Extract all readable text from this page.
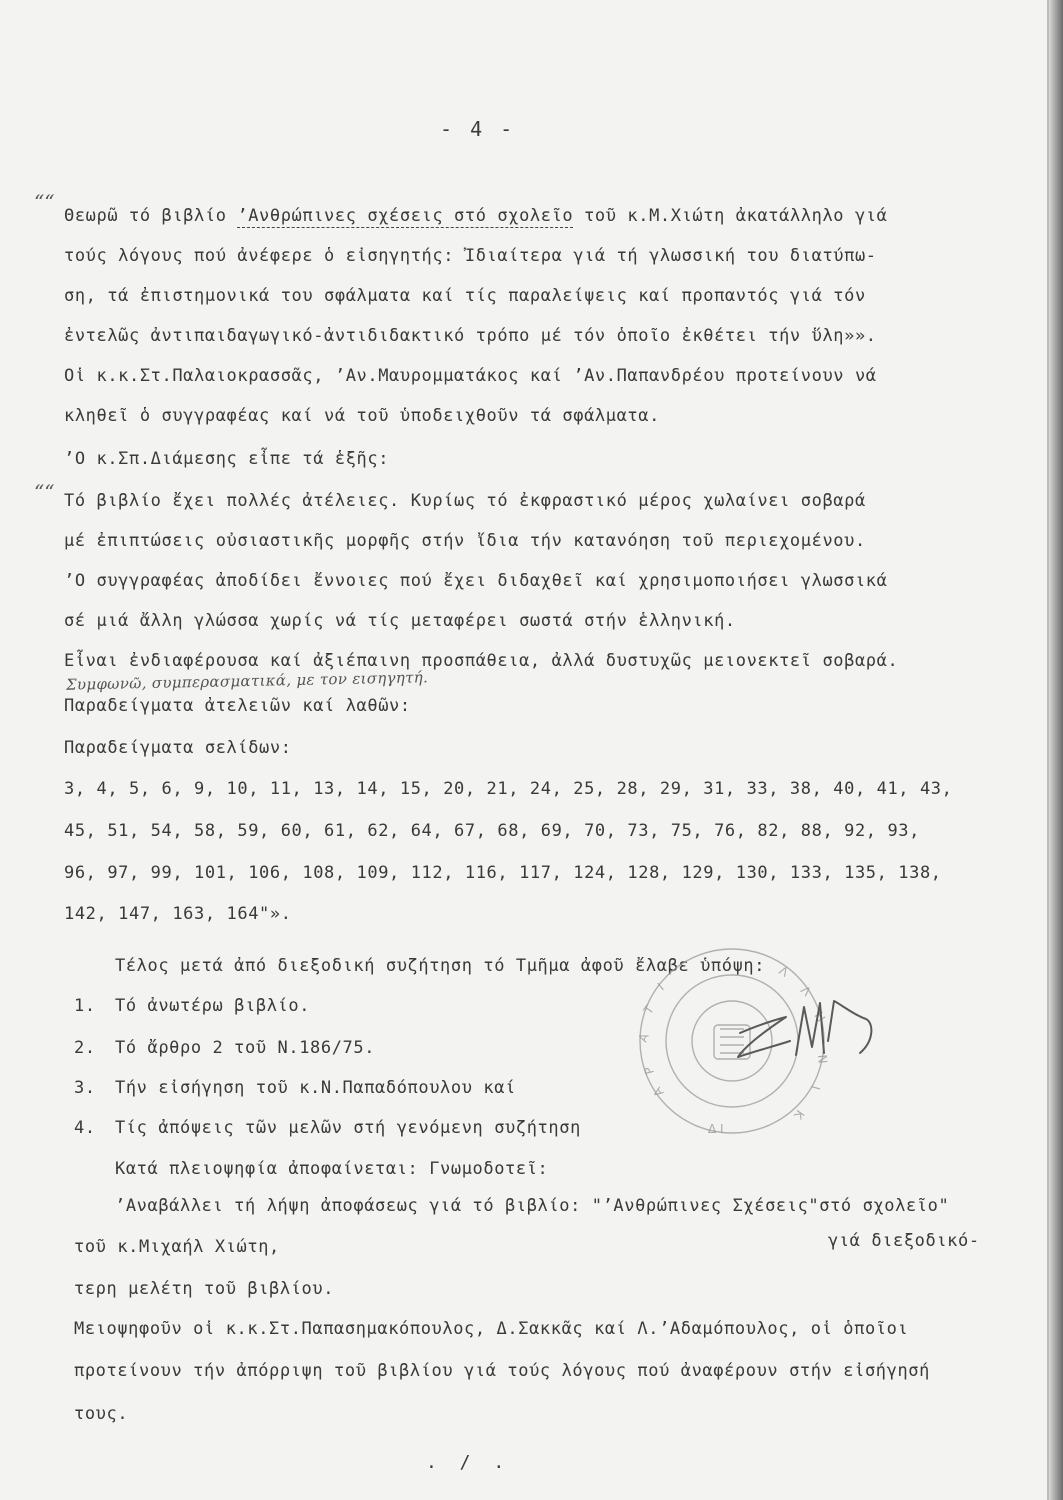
- 4 -
““
Θεωρῶ τό βιβλίο ’Ανθρώπινες σχέσεις στό σχολεῖο τοῦ κ.Μ.Χιώτη ἀκατάλληλο γιά
τούς λόγους πού ἀνέφερε ὁ εἰσηγητής: Ἰδιαίτερα γιά τή γλωσσική του διατύπω-
ση, τά ἐπιστημονικά του σφάλματα καί τίς παραλείψεις καί προπαντός γιά τόν
ἐντελῶς ἀντιπαιδαγωγικό-ἀντιδιδακτικό τρόπο μέ τόν ὁποῖο ἐκθέτει τήν ὕλη»».
Οἱ κ.κ.Στ.Παλαιοκρασσᾶς, ’Αν.Μαυρομματάκος καί ’Αν.Παπανδρέου προτείνουν νά
κληθεῖ ὁ συγγραφέας καί νά τοῦ ὑποδειχθοῦν τά σφάλματα.
’Ο κ.Σπ.Διάμεσης εἶπε τά ἑξῆς:
““ Τό βιβλίο ἔχει πολλές ἀτέλειες. Κυρίως τό ἐκφραστικό μέρος χωλαίνει σοβαρά
μέ ἐπιπτώσεις οὐσιαστικῆς μορφῆς στήν ἴδια τήν κατανόηση τοῦ περιεχομένου.
’Ο συγγραφέας ἀποδίδει ἔννοιες πού ἔχει διδαχθεῖ καί χρησιμοποιήσει γλωσσικά
σέ μιά ἄλλη γλώσσα χωρίς νά τίς μεταφέρει σωστά στήν ἑλληνική.
Εἶναι ἐνδιαφέρουσα καί ἀξιέπαινη προσπάθεια, ἀλλά δυστυχῶς μειονεκτεῖ σοβαρά.
Συμφωνῶ, συμπερασματικά, με τον εισηγητή.
Παραδείγματα ἀτελειῶν καί λαθῶν:
Παραδείγματα σελίδων:
3, 4, 5, 6, 9, 10, 11, 13, 14, 15, 20, 21, 24, 25, 28, 29, 31, 33, 38, 40, 41, 43,
45, 51, 54, 58, 59, 60, 61, 62, 64, 67, 68, 69, 70, 73, 75, 76, 82, 88, 92, 93,
96, 97, 99, 101, 106, 108, 109, 112, 116, 117, 124, 128, 129, 130, 133, 135, 138,
142, 147, 163, 164"».
Τέλος μετά ἀπό διεξοδική συζήτηση τό Τμῆμα ἀφοῦ ἔλαβε ὑπόψη:
1. Τό ἀνωτέρω βιβλίο.
2. Τό ἄρθρο 2 τοῦ Ν.186/75.
3. Τήν εἰσήγηση τοῦ κ.Ν.Παπαδόπουλου καί
4. Τίς ἀπόψεις τῶν μελῶν στή γενόμενη συζήτηση
Κατά πλειοψηφία ἀποφαίνεται: Γνωμοδοτεῖ:
’Αναβάλλει τή λήψη ἀποφάσεως γιά τό βιβλίο: "’Ανθρώπινες Σχέσεις"στό σχολεῖο"
τοῦ κ.Μιχαήλ Χιώτη,	γιά διεξοδικό-
τερη μελέτη τοῦ βιβλίου.
Μειοψηφοῦν οἱ κ.κ.Στ.Παπασημακόπουλος, Δ.Σακκᾶς καί Λ.’Αδαμόπουλος, οἱ ὁποῖοι
προτείνουν τήν ἀπόρριψη τοῦ βιβλίου γιά τούς λόγους πού ἀναφέρουν στήν εἰσήγησή
τους.
Α
Τ
Ι
Λ
Λ
Η
Ν
Ι
Κ
Α
Ρ
Δ Ι
. / .
